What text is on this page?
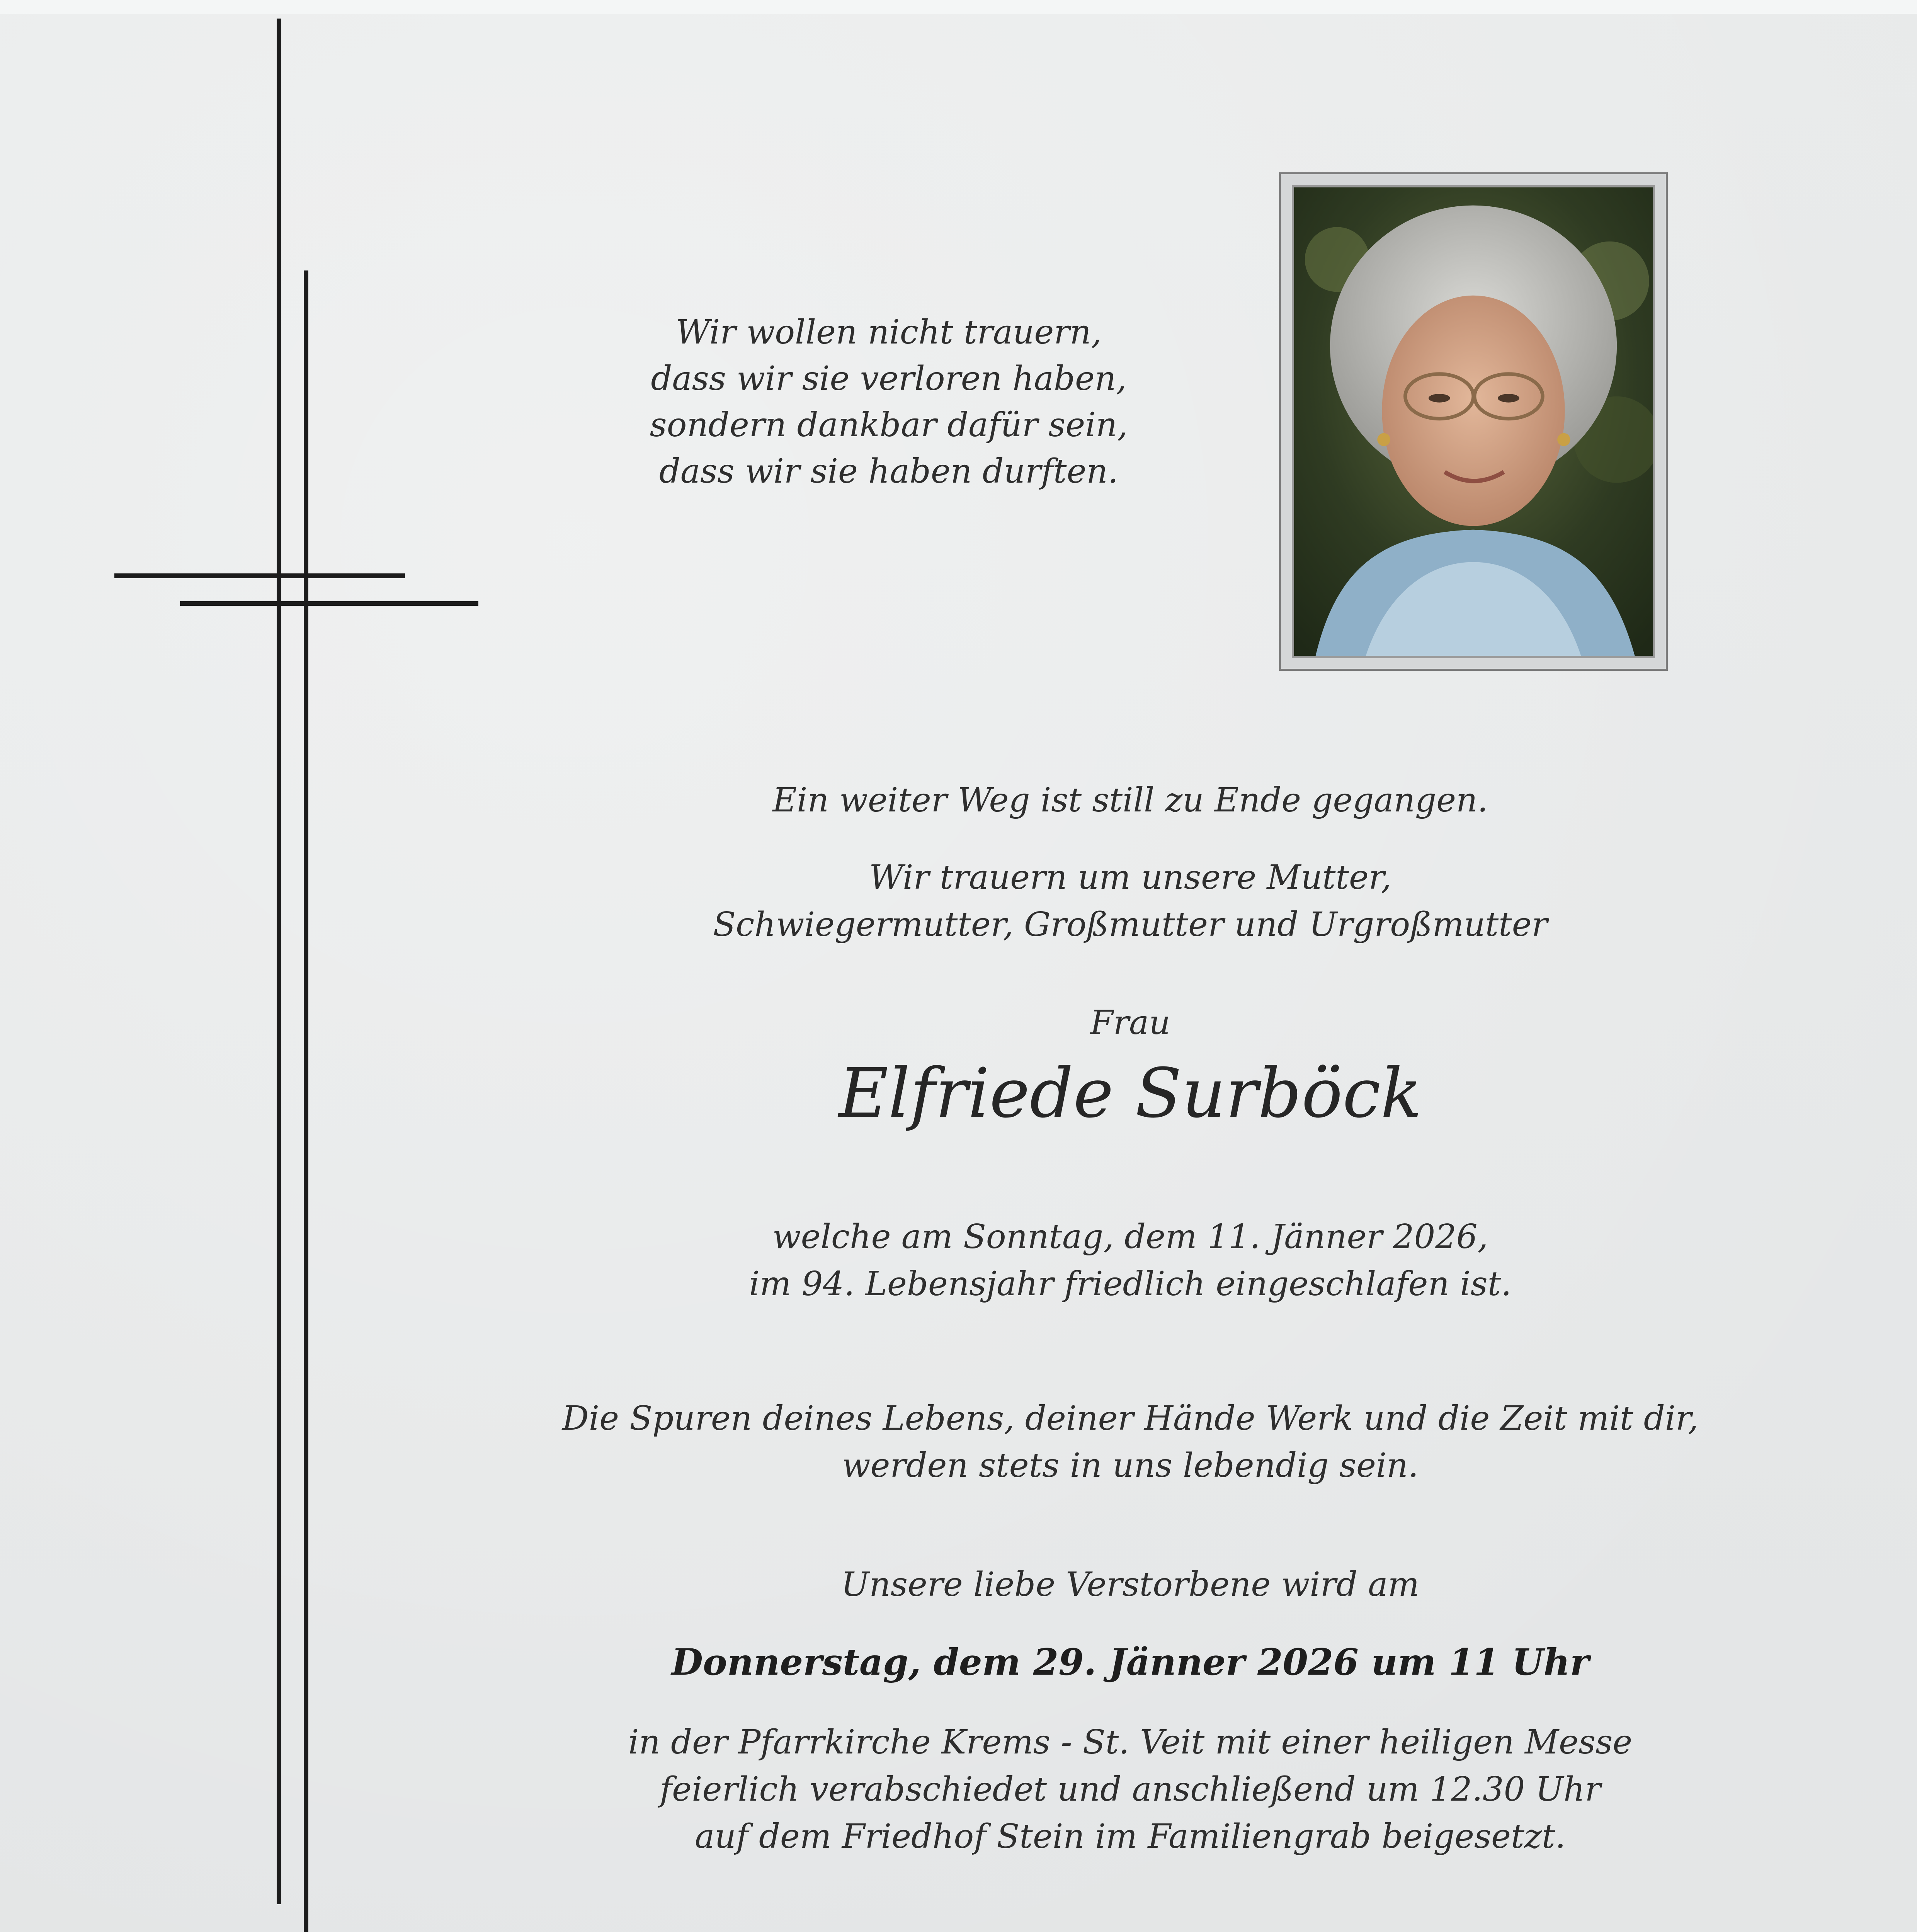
Wir wollen nicht trauern,
dass wir sie verloren haben,
sondern dankbar dafür sein,
dass wir sie haben durften.
Ein weiter Weg ist still zu Ende gegangen.
Wir trauern um unsere Mutter,
Schwiegermutter, Großmutter und Urgroßmutter
Frau
Elfriede Surböck
welche am Sonntag, dem 11. Jänner 2026,
im 94. Lebensjahr friedlich eingeschlafen ist.
Die Spuren deines Lebens, deiner Hände Werk und die Zeit mit dir,
werden stets in uns lebendig sein.
Unsere liebe Verstorbene wird am
Donnerstag, dem 29. Jänner 2026 um 11 Uhr
in der Pfarrkirche Krems - St. Veit mit einer heiligen Messe
feierlich verabschiedet und anschließend um 12.30 Uhr
auf dem Friedhof Stein im Familiengrab beigesetzt.
